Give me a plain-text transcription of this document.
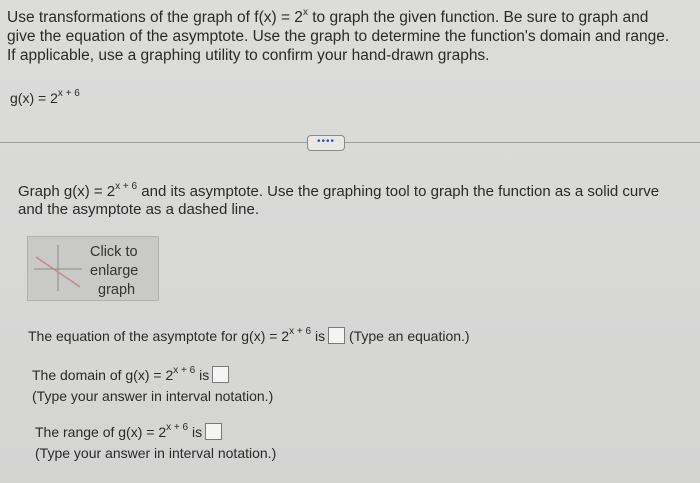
Use transformations of the graph of $f(x) = 2^x$ to graph the given function. Be sure to graph and
give the equation of the asymptote. Use the graph to determine the function's domain and range.
If applicable, use a graphing utility to confirm your hand-drawn graphs.
$g(x) = 2^{x + 6}$
••••
Graph $g(x) = 2^{x + 6}$ and its asymptote. Use the graphing tool to graph the function as a solid curve
and the asymptote as a dashed line.
Click to
enlarge
graph
The equation of the asymptote for $g(x) = 2^{x + 6}$ is (Type an equation.)
The domain of $g(x) = 2^{x + 6}$ is
(Type your answer in interval notation.)
The range of $g(x) = 2^{x + 6}$ is
(Type your answer in interval notation.)
